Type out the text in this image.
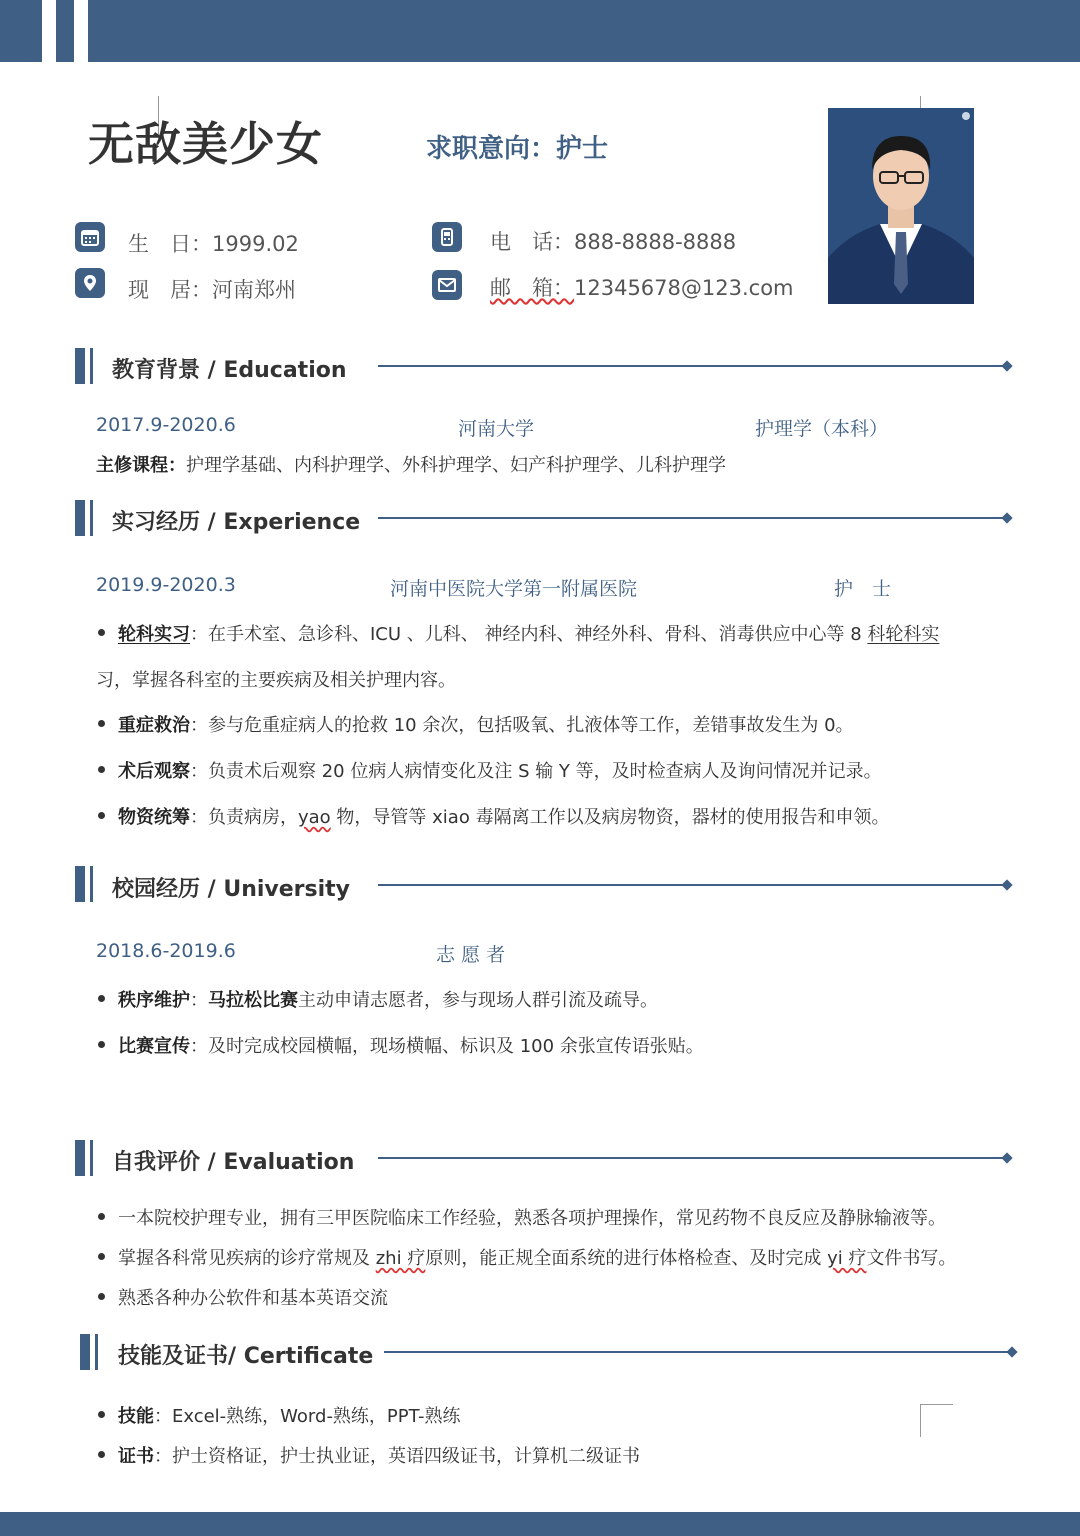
无敌美少女	求职意向：护士
生　日：1999.02
现　居：河南郑州
电　话：888-8888-8888
邮　箱：12345678@123.com
教育背景 / Education
2017.9-2020.6	河南大学	护理学（本科）
主修课程：护理学基础、内科护理学、外科护理学、妇产科护理学、儿科护理学
实习经历 / Experience
2019.9-2020.3	河南中医院大学第一附属医院	护　士
轮科实习：在手术室、急诊科、ICU 、儿科、 神经内科、神经外科、骨科、消毒供应中心等 8 科轮科实
习，掌握各科室的主要疾病及相关护理内容。
重症救治：参与危重症病人的抢救 10 余次，包括吸氧、扎液体等工作，差错事故发生为 0。
术后观察：负责术后观察 20 位病人病情变化及注 S 输 Y 等，及时检查病人及询问情况并记录。
物资统筹：负责病房，yao 物，导管等 xiao 毒隔离工作以及病房物资，器材的使用报告和申领。
校园经历 / University
2018.6-2019.6	志 愿 者
秩序维护：马拉松比赛主动申请志愿者，参与现场人群引流及疏导。
比赛宣传：及时完成校园横幅，现场横幅、标识及 100 余张宣传语张贴。
自我评价 / Evaluation
一本院校护理专业，拥有三甲医院临床工作经验，熟悉各项护理操作，常见药物不良反应及静脉输液等。
掌握各科常见疾病的诊疗常规及 zhi 疗原则，能正规全面系统的进行体格检查、及时完成 yi 疗文件书写。
熟悉各种办公软件和基本英语交流
技能及证书/ Certificate
技能：Excel-熟练，Word-熟练，PPT-熟练
证书：护士资格证，护士执业证，英语四级证书，计算机二级证书
